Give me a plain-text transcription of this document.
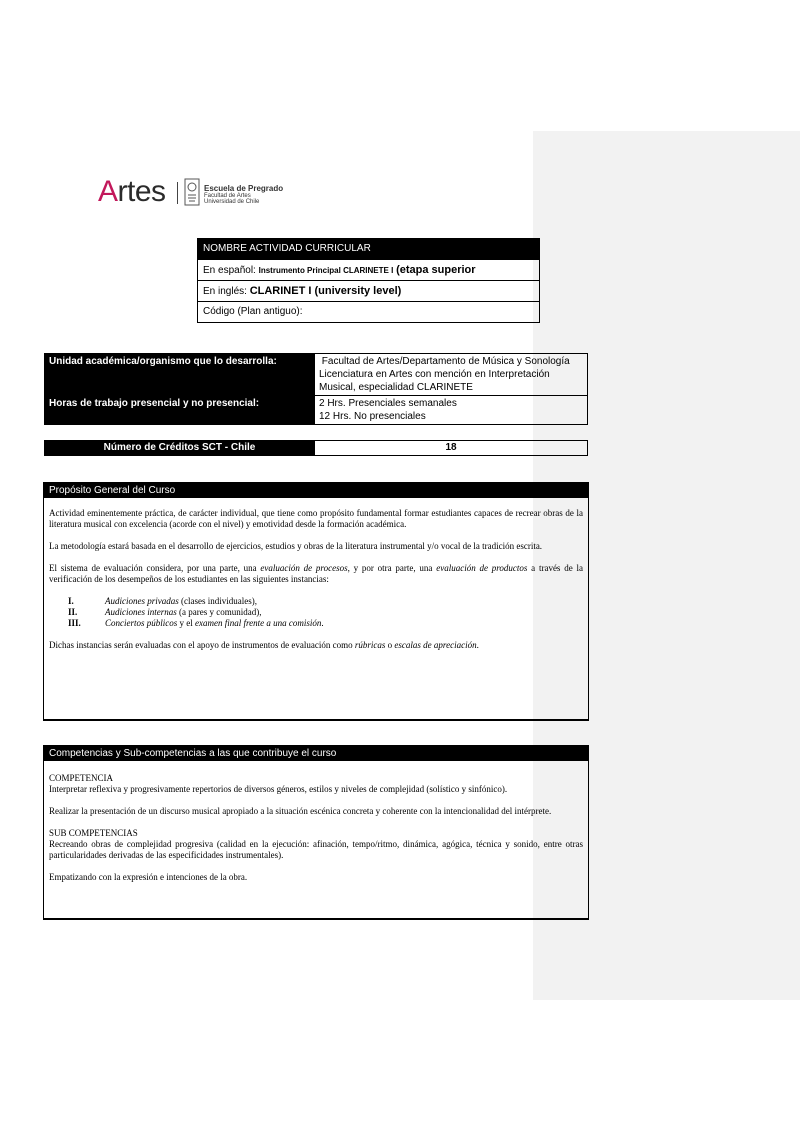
Artes	Escuela de Pregrado
Facultad de Artes
Universidad de Chile
NOMBRE ACTIVIDAD CURRICULAR
En español: Instrumento Principal CLARINETE I (etapa superior
En inglés: CLARINET I (university level)
Código (Plan antiguo):
Unidad académica/organismo que lo desarrolla:	Facultad de Artes/Departamento de Música y Sonología
Licenciatura en Artes con mención en Interpretación
Musical, especialidad CLARINETE

Horas de trabajo presencial y no presencial:	2 Hrs. Presenciales semanales
12 Hrs. No presenciales
Número de Créditos SCT - Chile	18
Propósito General del Curso

Actividad eminentemente práctica, de carácter individual, que tiene como propósito fundamental formar estudiantes capaces de recrear obras de la literatura musical con excelencia (acorde con el nivel) y emotividad desde la formación académica.

La metodología estará basada en el desarrollo de ejercicios, estudios y obras de la literatura instrumental y/o vocal de la tradición escrita.

El sistema de evaluación considera, por una parte, una evaluación de procesos, y por otra parte, una evaluación de productos a través de la verificación de los desempeños de los estudiantes en las siguientes instancias:

I.	Audiciones privadas (clases individuales),
II.	Audiciones internas (a pares y comunidad),
III.	Conciertos públicos y el examen final frente a una comisión.

Dichas instancias serán evaluadas con el apoyo de instrumentos de evaluación como rúbricas o escalas de apreciación.

Competencias y Sub-competencias a las que contribuye el curso

COMPETENCIA

Interpretar reflexiva y progresivamente repertorios de diversos géneros, estilos y niveles de complejidad (solístico y sinfónico).

Realizar la presentación de un discurso musical apropiado a la situación escénica concreta y coherente con la intencionalidad del intérprete.

SUB COMPETENCIAS

Recreando obras de complejidad progresiva (calidad en la ejecución: afinación, tempo/ritmo, dinámica, agógica, técnica y sonido, entre otras particularidades derivadas de las especificidades instrumentales).

Empatizando con la expresión e intenciones de la obra.
